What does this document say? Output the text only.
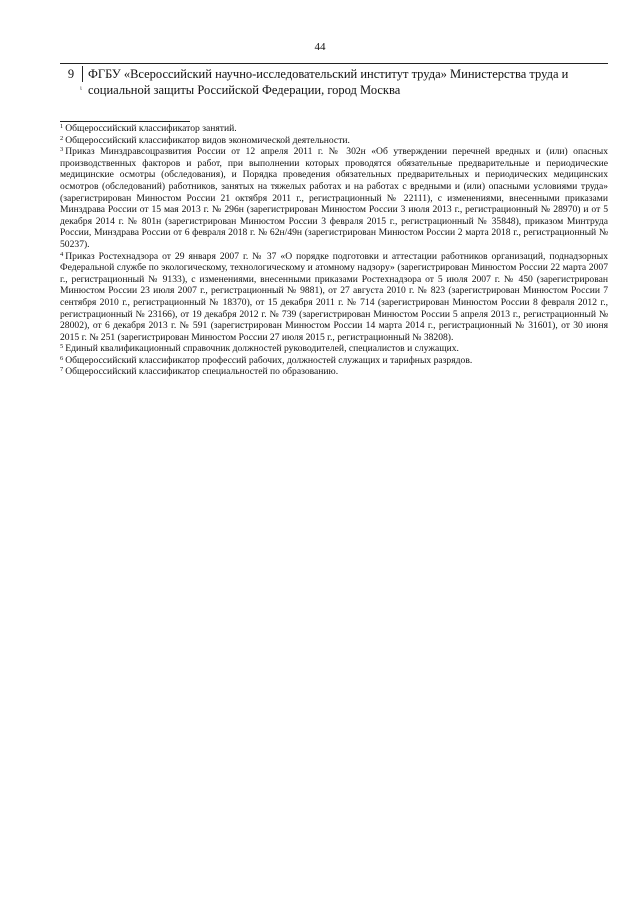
44
9	ФГБУ «Всероссийский научно-исследовательский институт труда» Министерства труда и социальной защиты Российской Федерации, город Москва
ι

$^1$ Общероссийский классификатор занятий.

$^2$ Общероссийский классификатор видов экономической деятельности.

$^3$ Приказ Минздравсоцразвития России от 12 апреля 2011 г. № 302н «Об утверждении перечней вредных и (или) опасных производственных факторов и работ, при выполнении которых проводятся обязательные предварительные и периодические медицинские осмотры (обследования), и Порядка проведения обязательных предварительных и периодических медицинских осмотров (обследований) работников, занятых на тяжелых работах и на работах с вредными и (или) опасными условиями труда» (зарегистрирован Минюстом России 21 октября 2011 г., регистрационный № 22111), с изменениями, внесенными приказами Минздрава России от 15 мая 2013 г. № 296н (зарегистрирован Минюстом России 3 июля 2013 г., регистрационный № 28970) и от 5 декабря 2014 г. № 801н (зарегистрирован Минюстом России 3 февраля 2015 г., регистрационный № 35848), приказом Минтруда России, Минздрава России от 6 февраля 2018 г. № 62н/49н (зарегистрирован Минюстом России 2 марта 2018 г., регистрационный № 50237).

$^4$ Приказ Ростехнадзора от 29 января 2007 г. № 37 «О порядке подготовки и аттестации работников организаций, поднадзорных Федеральной службе по экологическому, технологическому и атомному надзору» (зарегистрирован Минюстом России 22 марта 2007 г., регистрационный № 9133), с изменениями, внесенными приказами Ростехнадзора от 5 июля 2007 г. № 450 (зарегистрирован Минюстом России 23 июля 2007 г., регистрационный № 9881), от 27 августа 2010 г. № 823 (зарегистрирован Минюстом России 7 сентября 2010 г., регистрационный № 18370), от 15 декабря 2011 г. № 714 (зарегистрирован Минюстом России 8 февраля 2012 г., регистрационный № 23166), от 19 декабря 2012 г. № 739 (зарегистрирован Минюстом России 5 апреля 2013 г., регистрационный № 28002), от 6 декабря 2013 г. № 591 (зарегистрирован Минюстом России 14 марта 2014 г., регистрационный № 31601), от 30 июня 2015 г. № 251 (зарегистрирован Минюстом России 27 июля 2015 г., регистрационный № 38208).

$^5$ Единый квалификационный справочник должностей руководителей, специалистов и служащих.

$^6$ Общероссийский классификатор профессий рабочих, должностей служащих и тарифных разрядов.

$^7$ Общероссийский классификатор специальностей по образованию.
